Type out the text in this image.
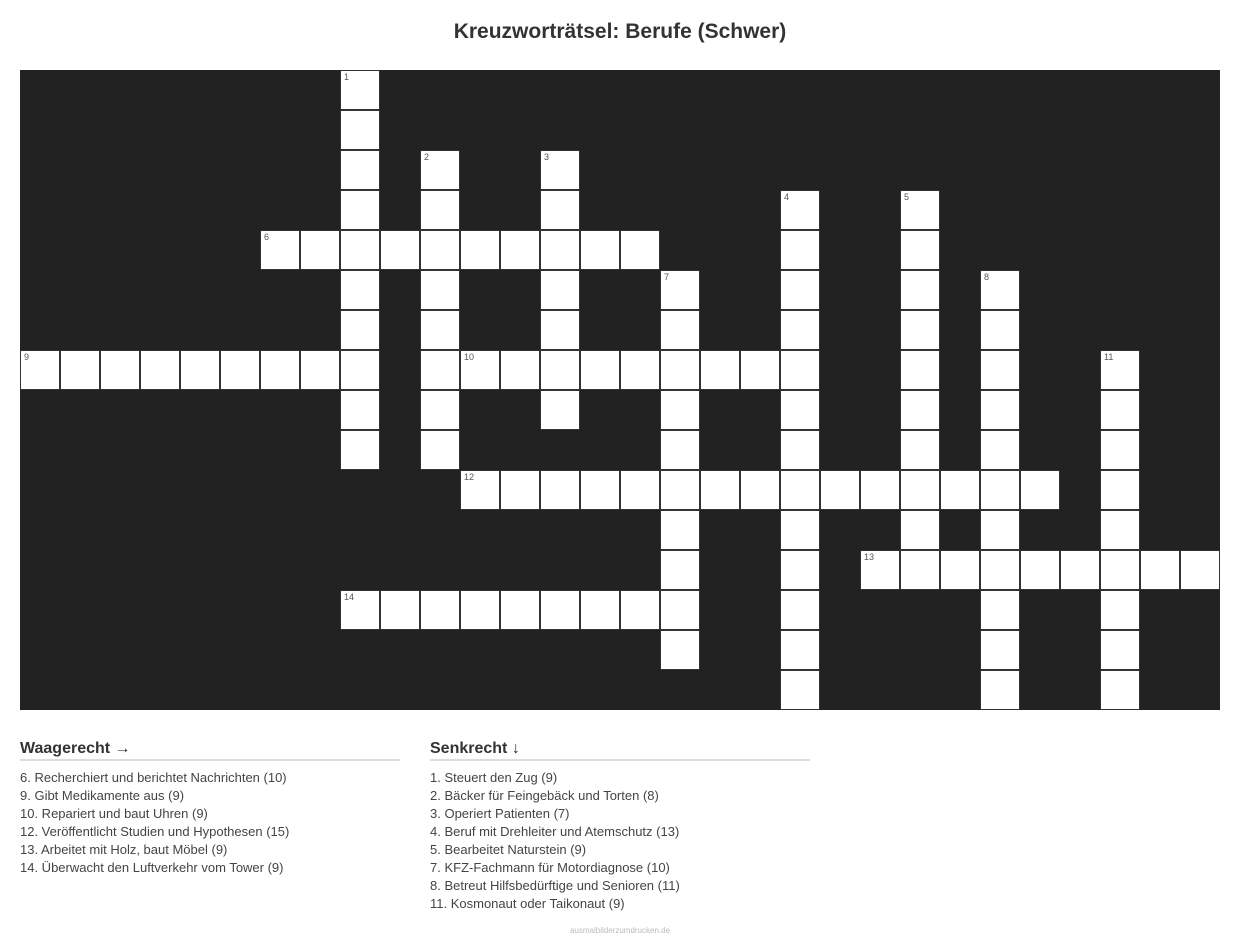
Kreuzworträtsel: Berufe (Schwer)
1
2	3
4	5
6
7	8
9	10	11
12
13
14
Waagerecht →
6. Recherchiert und berichtet Nachrichten (10)
9. Gibt Medikamente aus (9)
10. Repariert und baut Uhren (9)
12. Veröffentlicht Studien und Hypothesen (15)
13. Arbeitet mit Holz, baut Möbel (9)
14. Überwacht den Luftverkehr vom Tower (9)
Senkrecht ↓
1. Steuert den Zug (9)
2. Bäcker für Feingebäck und Torten (8)
3. Operiert Patienten (7)
4. Beruf mit Drehleiter und Atemschutz (13)
5. Bearbeitet Naturstein (9)
7. KFZ-Fachmann für Motordiagnose (10)
8. Betreut Hilfsbedürftige und Senioren (11)
11. Kosmonaut oder Taikonaut (9)
ausmalbilderzumdrucken.de
